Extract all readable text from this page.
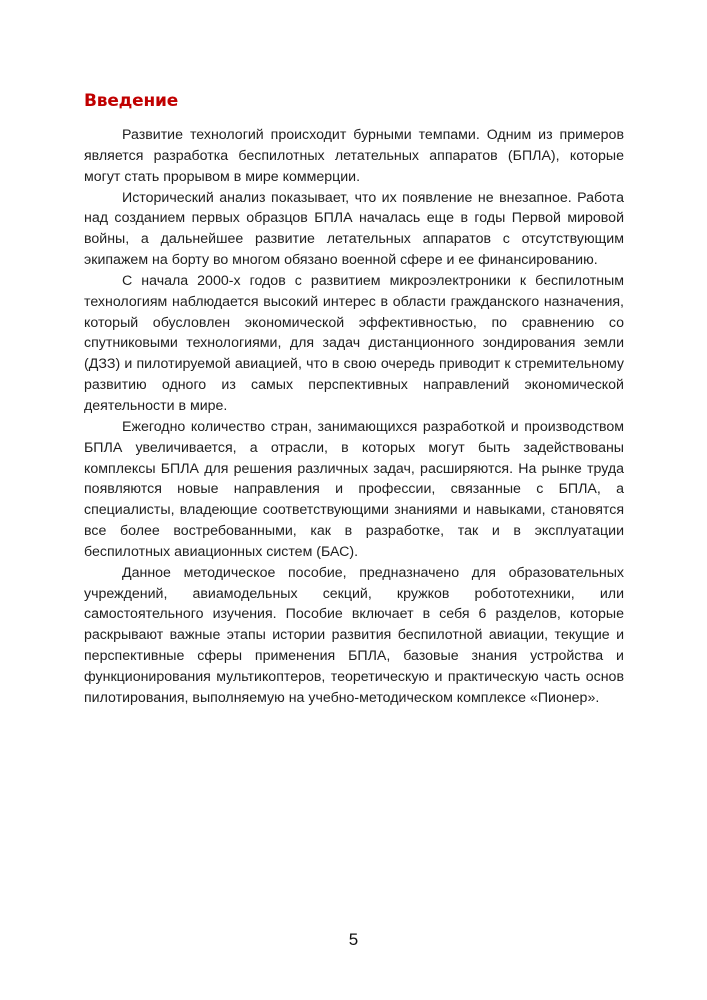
Введение

Развитие технологий происходит бурными темпами. Одним из примеров является разработка беспилотных летательных аппаратов (БПЛА), которые могут стать прорывом в мире коммерции.

Исторический анализ показывает, что их появление не внезапное. Работа над созданием первых образцов БПЛА началась еще в годы Первой мировой войны, а дальнейшее развитие летательных аппаратов с отсутствующим экипажем на борту во многом обязано военной сфере и ее финансированию.

С начала 2000-х годов с развитием микроэлектроники к беспилотным технологиям наблюдается высокий интерес в области гражданского назначения, который обусловлен экономической эффективностью, по сравнению со спутниковыми технологиями, для задач дистанционного зондирования земли (ДЗЗ) и пилотируемой авиацией, что в свою очередь приводит к стремительному развитию одного из самых перспективных направлений экономической деятельности в мире.

Ежегодно количество стран, занимающихся разработкой и производством БПЛА увеличивается, а отрасли, в которых могут быть задействованы комплексы БПЛА для решения различных задач, расширяются. На рынке труда появляются новые направления и профессии, связанные с БПЛА, а специалисты, владеющие соответствующими знаниями и навыками, становятся все более востребованными, как в разработке, так и в эксплуатации беспилотных авиационных систем (БАС).

Данное методическое пособие, предназначено для образовательных учреждений, авиамодельных секций, кружков робототехники, или самостоятельного изучения. Пособие включает в себя 6 разделов, которые раскрывают важные этапы истории развития беспилотной авиации, текущие и перспективные сферы применения БПЛА, базовые знания устройства и функционирования мультикоптеров, теоретическую и практическую часть основ пилотирования, выполняемую на учебно-методическом комплексе «Пионер».

5
